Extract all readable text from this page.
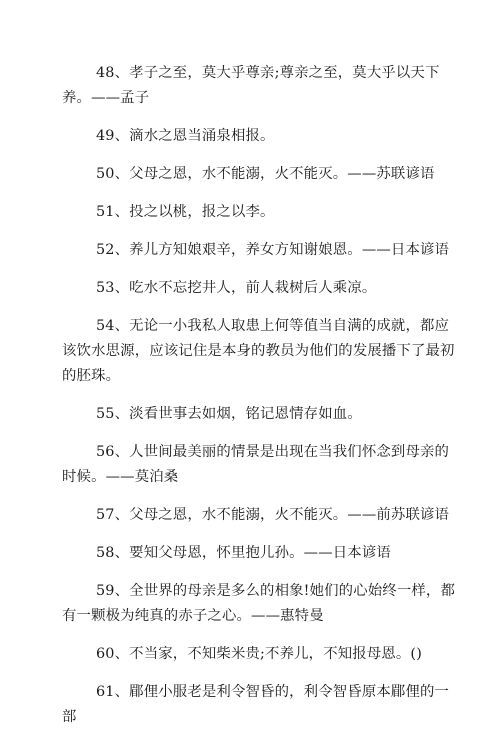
48、孝子之至，莫大乎尊亲;尊亲之至，莫大乎以天下养。——孟子

49、滴水之恩当涌泉相报。

50、父母之恩，水不能溺，火不能灭。——苏联谚语

51、投之以桃，报之以李。

52、养儿方知娘艰辛，养女方知谢娘恩。——日本谚语

53、吃水不忘挖井人，前人栽树后人乘凉。

54、无论一小我私人取患上何等值当自满的成就，都应该饮水思源，应该记住是本身的教员为他们的发展播下了最初的胚珠。

55、淡看世事去如烟，铭记恩情存如血。

56、人世间最美丽的情景是出现在当我们怀念到母亲的时候。——莫泊桑

57、父母之恩，水不能溺，火不能灭。——前苏联谚语

58、要知父母恩，怀里抱儿孙。——日本谚语

59、全世界的母亲是多么的相象!她们的心始终一样，都有一颗极为纯真的赤子之心。——惠特曼

60、不当家，不知柴米贵;不养儿，不知报母恩。()

61、郿俚小服老是利令智昏的，利令智昏原本郿俚的一部
